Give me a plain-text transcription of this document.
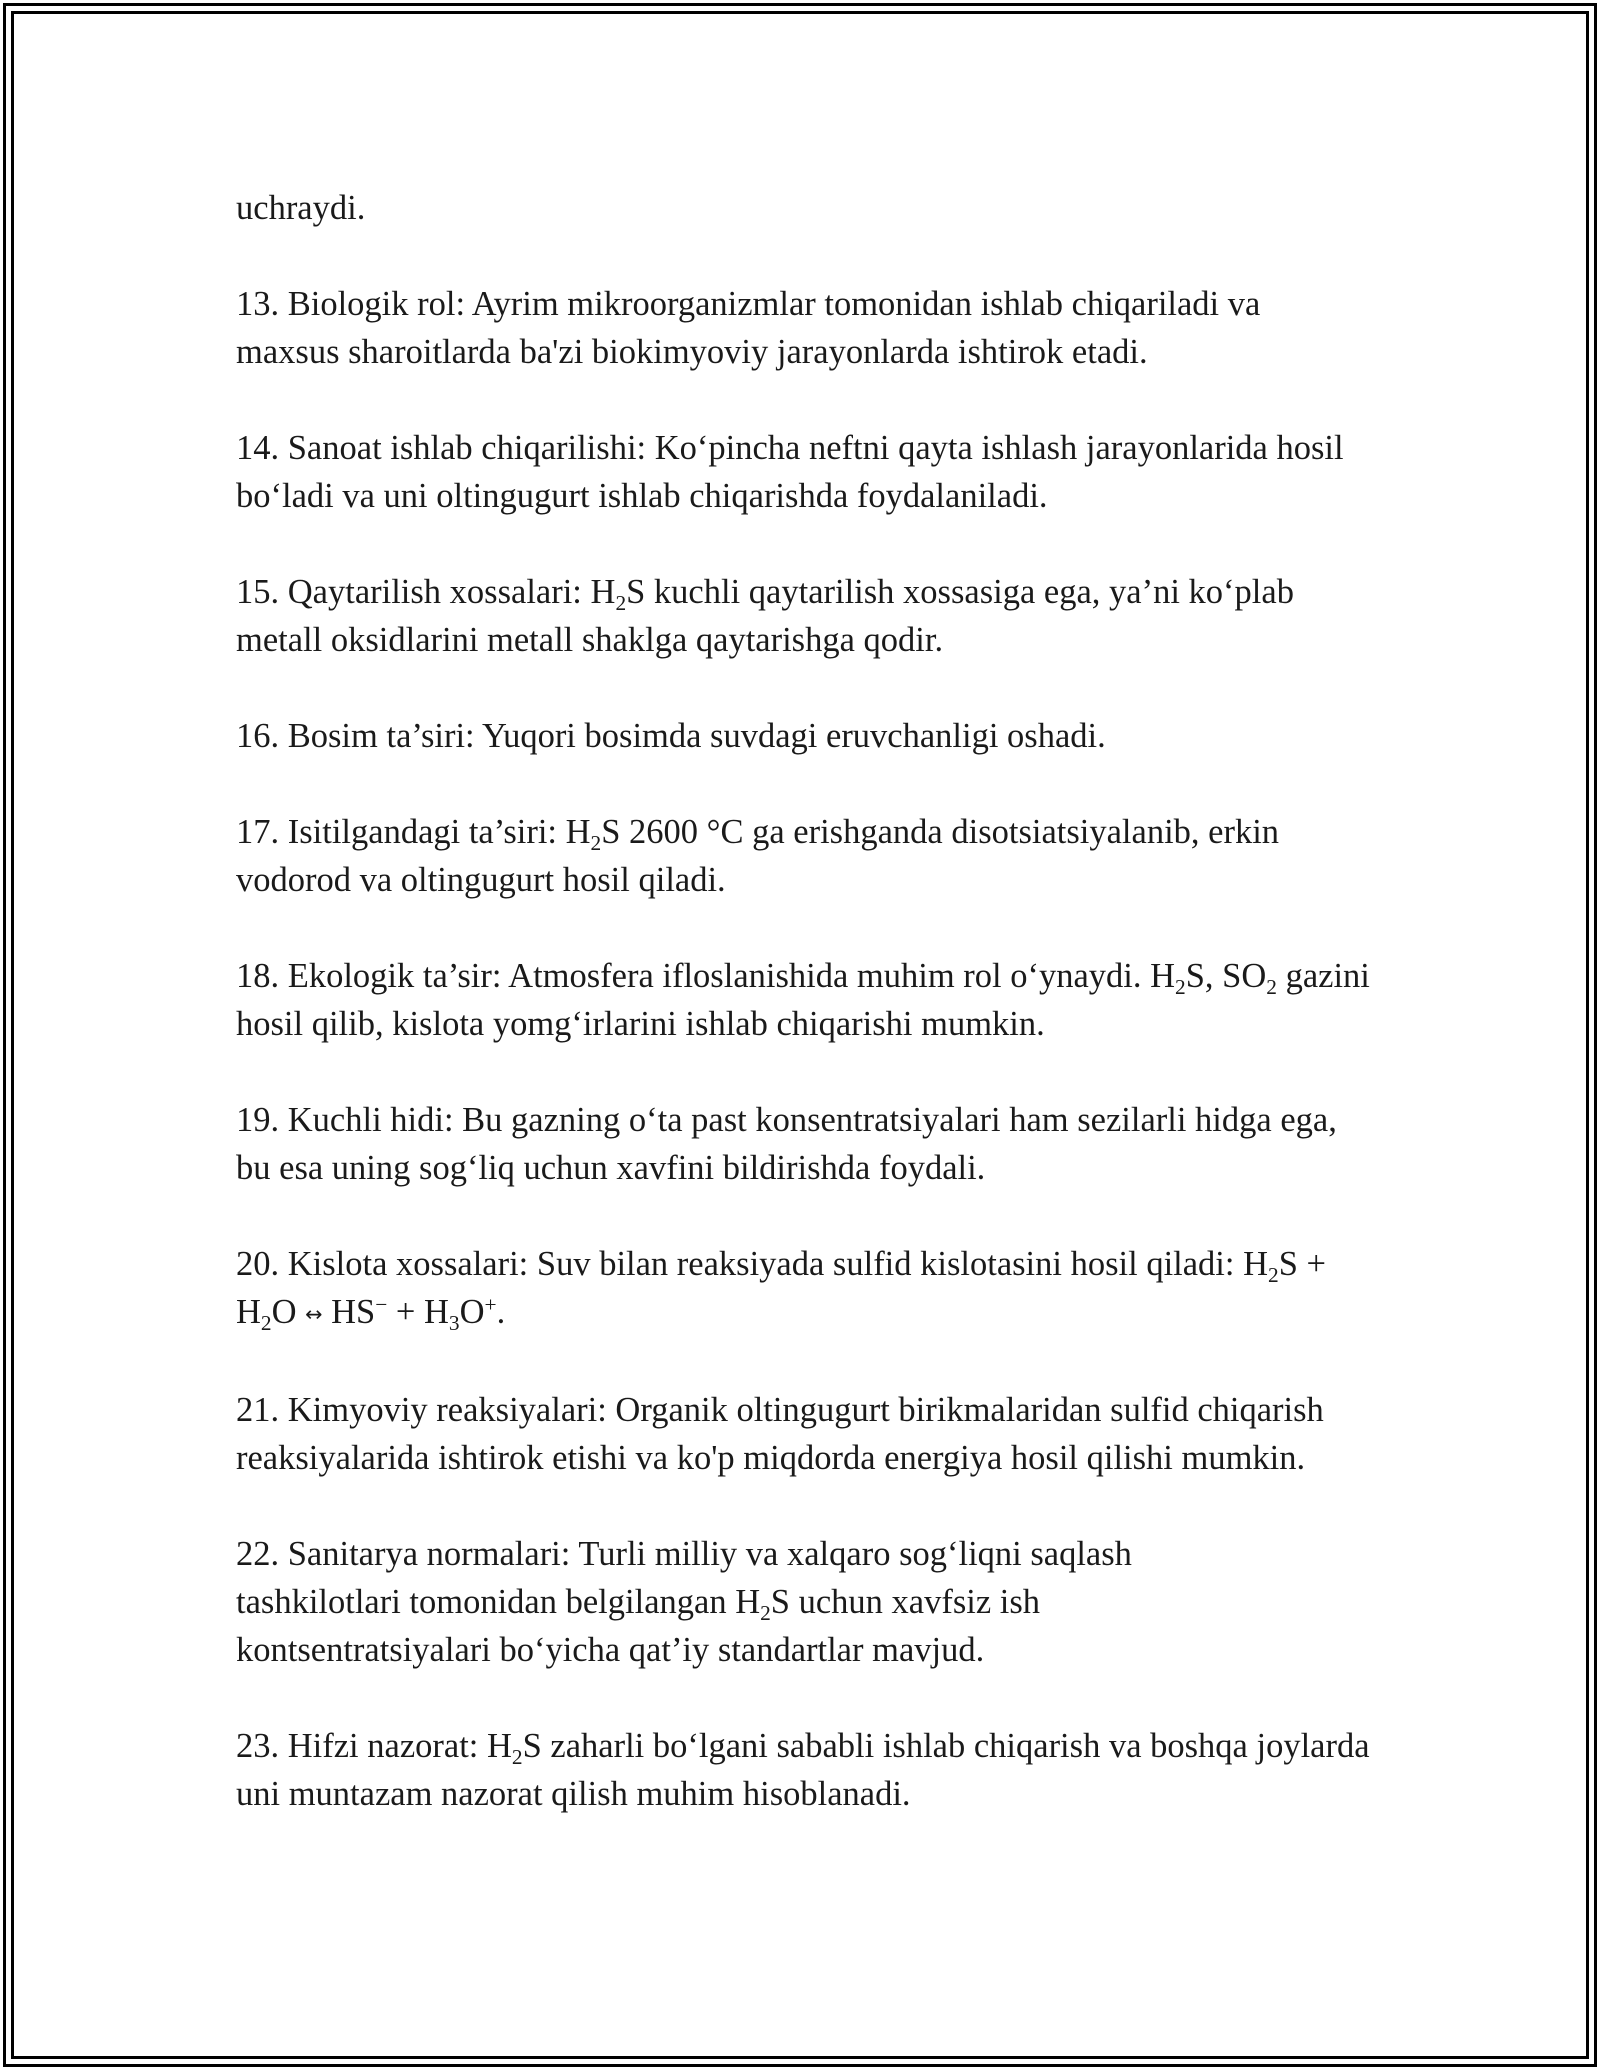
uchraydi.

13. Biologik rol: Ayrim mikroorganizmlar tomonidan ishlab chiqariladi va maxsus sharoitlarda ba'zi biokimyoviy jarayonlarda ishtirok etadi.

14. Sanoat ishlab chiqarilishi: Ko‘pincha neftni qayta ishlash jarayonlarida hosil bo‘ladi va uni oltingugurt ishlab chiqarishda foydalaniladi.

15. Qaytarilish xossalari: $H_2S$ kuchli qaytarilish xossasiga ega, ya’ni ko‘plab metall oksidlarini metall shaklga qaytarishga qodir.

16. Bosim ta’siri: Yuqori bosimda suvdagi eruvchanligi oshadi.

17. Isitilgandagi ta’siri: $H_2S$ 2600 °C ga erishganda disotsiatsiyalanib, erkin vodorod va oltingugurt hosil qiladi.

18. Ekologik ta’sir: Atmosfera ifloslanishida muhim rol o‘ynaydi. $H_2S$, $SO_2$ gazini hosil qilib, kislota yomg‘irlarini ishlab chiqarishi mumkin.

19. Kuchli hidi: Bu gazning o‘ta past konsentratsiyalari ham sezilarli hidga ega, bu esa uning sog‘liq uchun xavfini bildirishda foydali.

20. Kislota xossalari: Suv bilan reaksiyada sulfid kislotasini hosil qiladi: $H_2S + H_2O$ ↔ $HS^- + H_3O^+$.

21. Kimyoviy reaksiyalari: Organik oltingugurt birikmalaridan sulfid chiqarish reaksiyalarida ishtirok etishi va ko'p miqdorda energiya hosil qilishi mumkin.

22. Sanitarya normalari: Turli milliy va xalqaro sog‘liqni saqlash tashkilotlari tomonidan belgilangan $H_2S$ uchun xavfsiz ish kontsentratsiyalari bo‘yicha qat’iy standartlar mavjud.

23. Hifzi nazorat: $H_2S$ zaharli bo‘lgani sababli ishlab chiqarish va boshqa joylarda uni muntazam nazorat qilish muhim hisoblanadi.
